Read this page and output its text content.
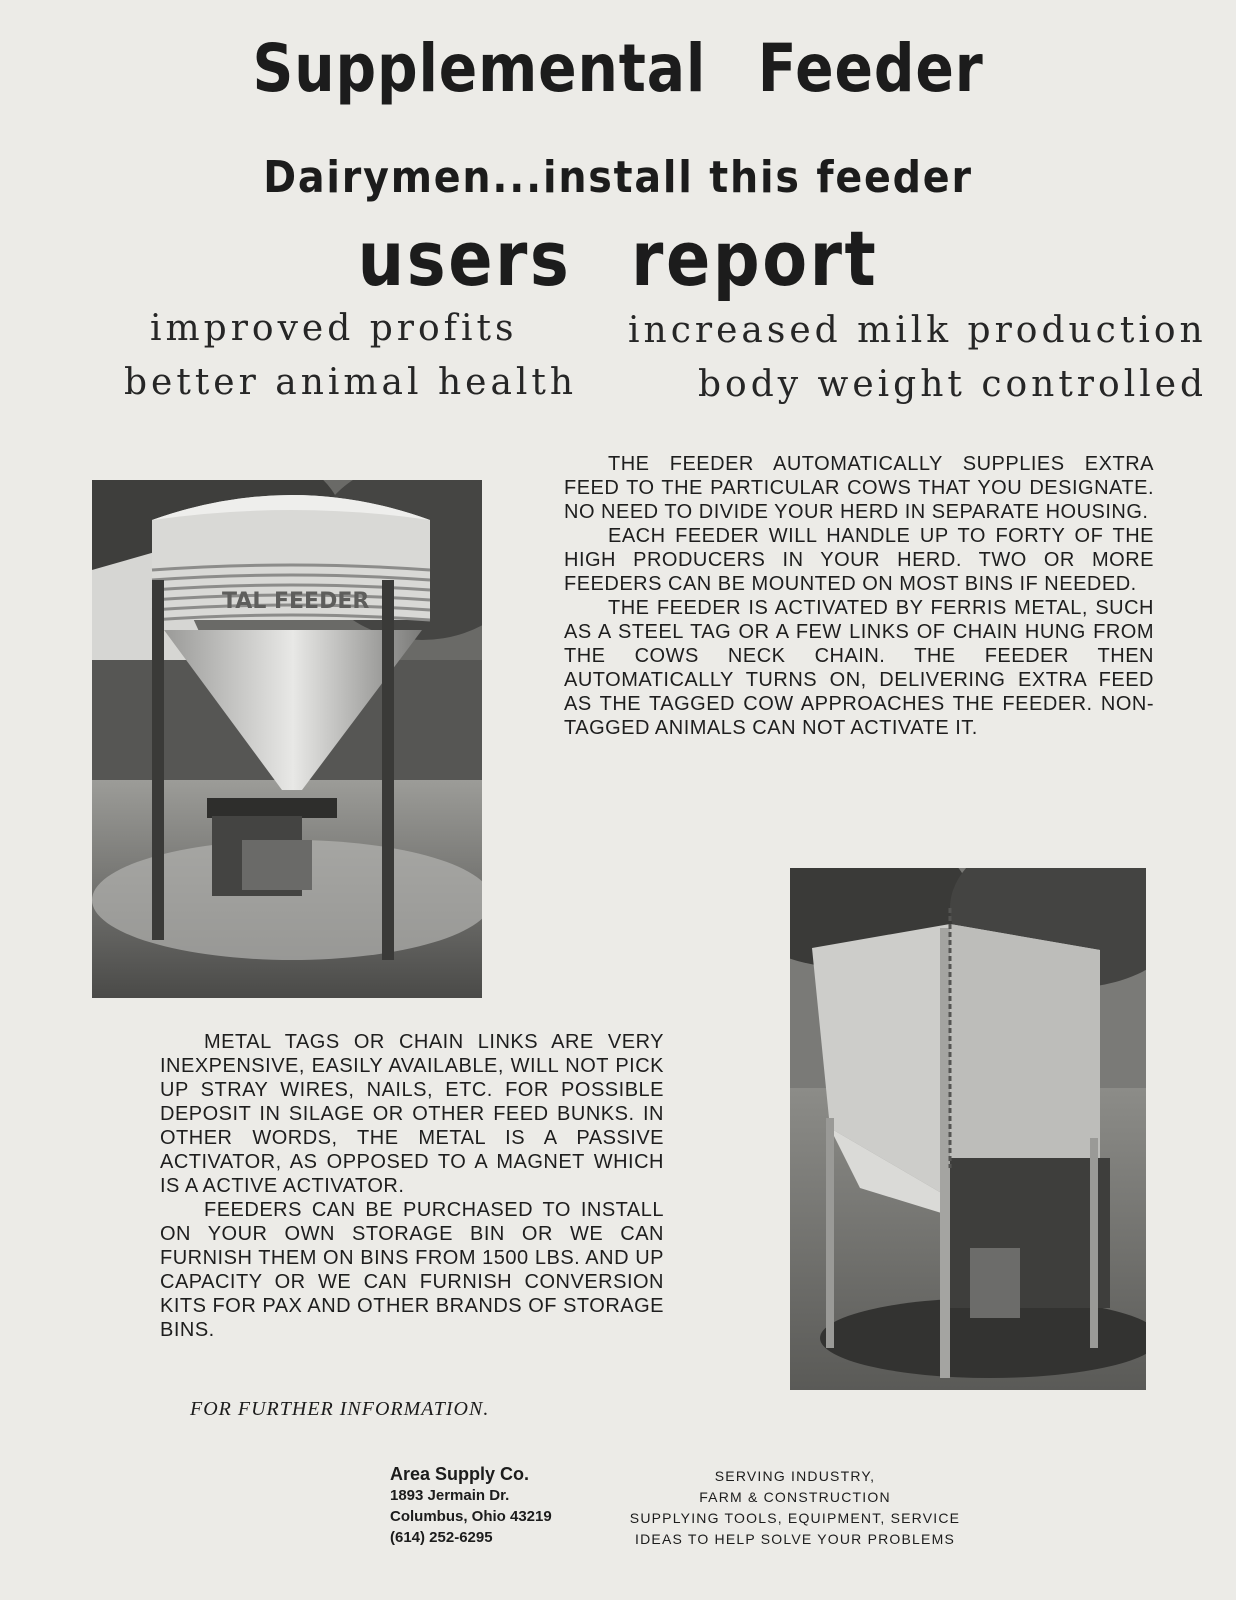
Supplemental Feeder
Dairymen...install this feeder
users report
improved profits	increased milk production
better animal health	body weight controlled
TAL FEEDER

THE FEEDER AUTOMATICALLY SUPPLIES EXTRA FEED TO THE PARTICULAR COWS THAT YOU DESIGNATE. NO NEED TO DIVIDE YOUR HERD IN SEPARATE HOUSING.

EACH FEEDER WILL HANDLE UP TO FORTY OF THE HIGH PRODUCERS IN YOUR HERD. TWO OR MORE FEEDERS CAN BE MOUNTED ON MOST BINS IF NEEDED.

THE FEEDER IS ACTIVATED BY FERRIS METAL, SUCH AS A STEEL TAG OR A FEW LINKS OF CHAIN HUNG FROM THE COWS NECK CHAIN. THE FEEDER THEN AUTOMATICALLY TURNS ON, DELIVERING EXTRA FEED AS THE TAGGED COW APPROACHES THE FEEDER. NON-TAGGED ANIMALS CAN NOT ACTIVATE IT.

METAL TAGS OR CHAIN LINKS ARE VERY INEXPENSIVE, EASILY AVAILABLE, WILL NOT PICK UP STRAY WIRES, NAILS, ETC. FOR POSSIBLE DEPOSIT IN SILAGE OR OTHER FEED BUNKS. IN OTHER WORDS, THE METAL IS A PASSIVE ACTIVATOR, AS OPPOSED TO A MAGNET WHICH IS A ACTIVE ACTIVATOR.

FEEDERS CAN BE PURCHASED TO INSTALL ON YOUR OWN STORAGE BIN OR WE CAN FURNISH THEM ON BINS FROM 1500 LBS. AND UP CAPACITY OR WE CAN FURNISH CONVERSION KITS FOR PAX AND OTHER BRANDS OF STORAGE BINS.

FOR FURTHER INFORMATION.
Area Supply Co.
1893 Jermain Dr.
Columbus, Ohio 43219
(614) 252-6295
SERVING INDUSTRY,
FARM & CONSTRUCTION
SUPPLYING TOOLS, EQUIPMENT, SERVICE
IDEAS TO HELP SOLVE YOUR PROBLEMS
